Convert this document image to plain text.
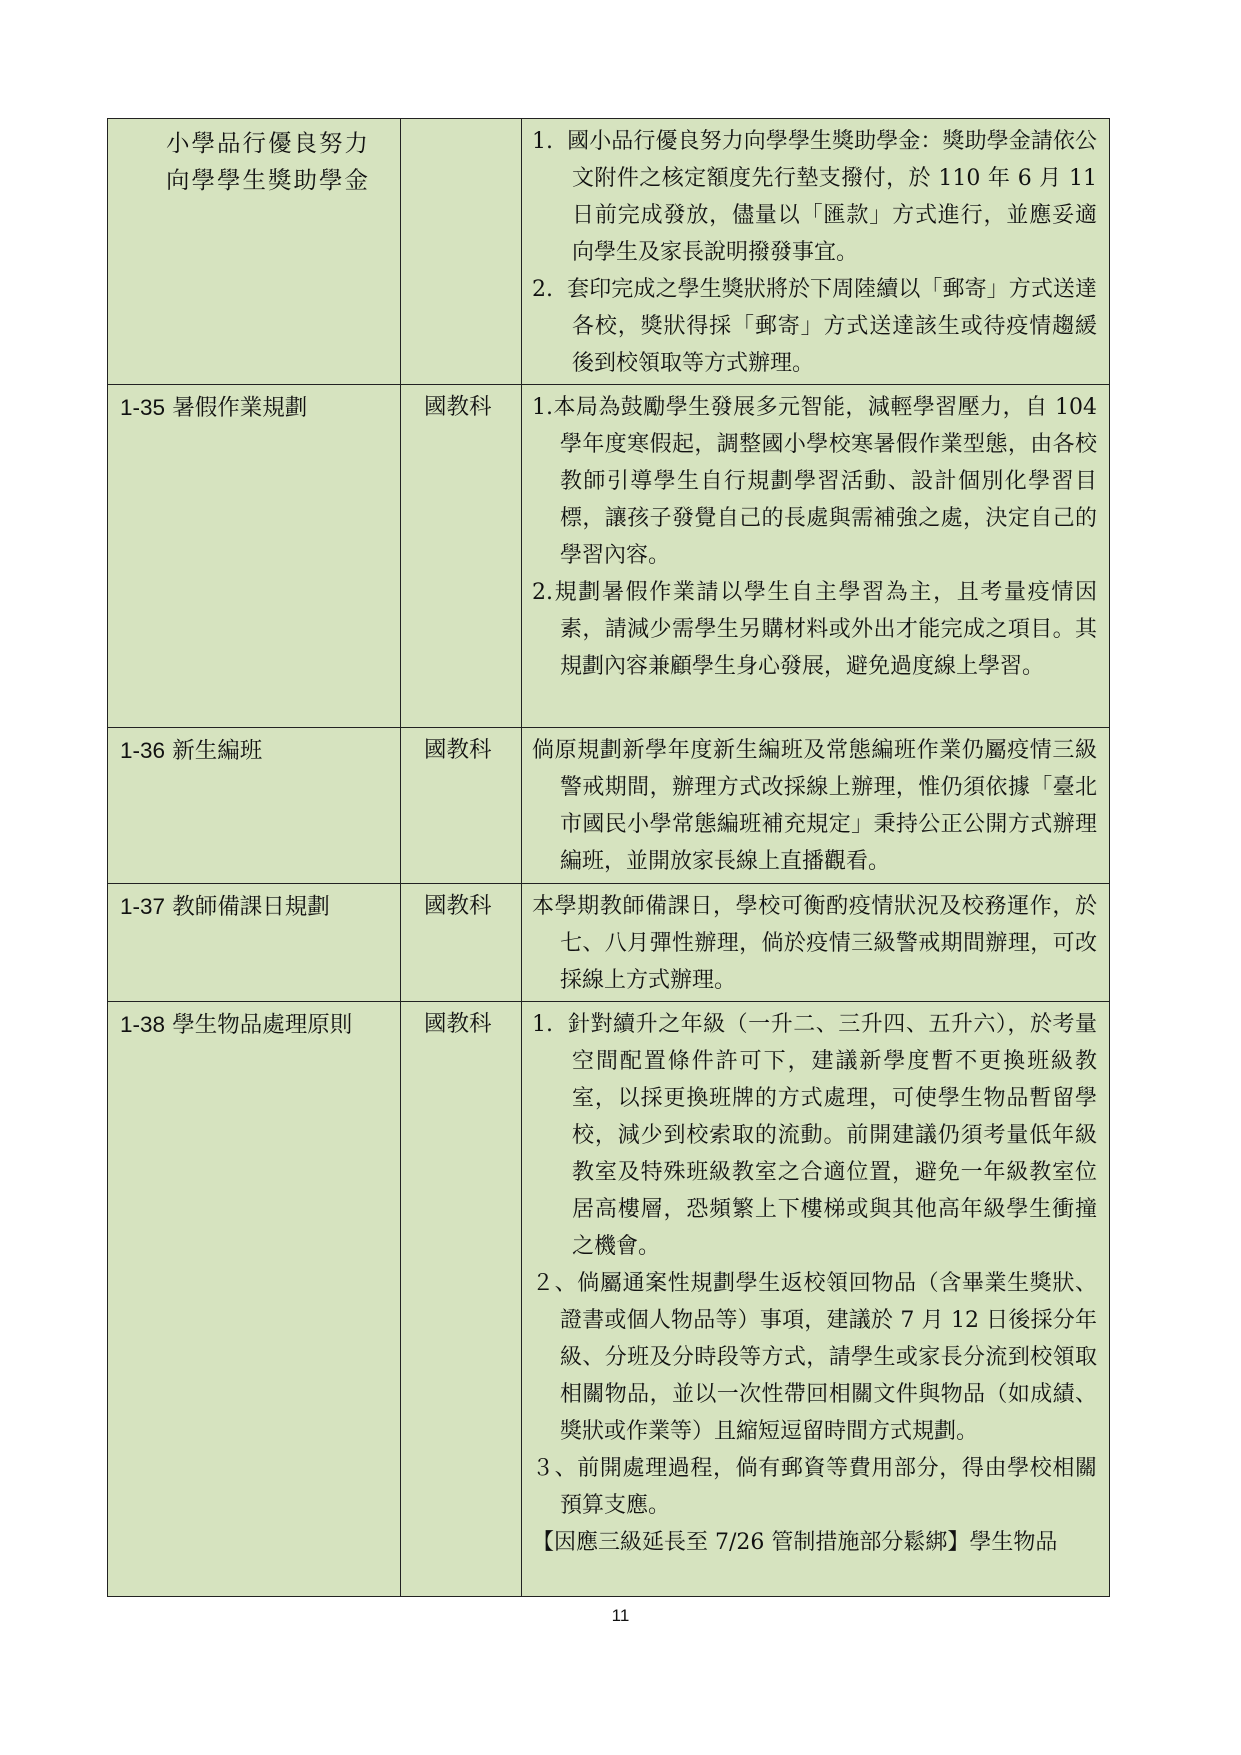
小學品行優良努力向學學生獎助學金		1.  國小品行優良努力向學學生獎助學金：獎助學金請依公文附件之核定額度先行墊支撥付，於 110 年 6 月 11 日前完成發放，儘量以「匯款」方式進行，並應妥適向學生及家長說明撥發事宜。
2.  套印完成之學生獎狀將於下周陸續以「郵寄」方式送達各校，獎狀得採「郵寄」方式送達該生或待疫情趨緩後到校領取等方式辦理。

1-35 暑假作業規劃	國教科	1.本局為鼓勵學生發展多元智能，減輕學習壓力，自 104 學年度寒假起，調整國小學校寒暑假作業型態，由各校教師引導學生自行規劃學習活動、設計個別化學習目標，讓孩子發覺自己的長處與需補強之處，決定自己的學習內容。
2.規劃暑假作業請以學生自主學習為主，且考量疫情因素，請減少需學生另購材料或外出才能完成之項目。其規劃內容兼顧學生身心發展，避免過度線上學習。

1-36 新生編班	國教科	倘原規劃新學年度新生編班及常態編班作業仍屬疫情三級警戒期間，辦理方式改採線上辦理，惟仍須依據「臺北市國民小學常態編班補充規定」秉持公正公開方式辦理編班，並開放家長線上直播觀看。

1-37 教師備課日規劃	國教科	本學期教師備課日，學校可衡酌疫情狀況及校務運作，於七、八月彈性辦理，倘於疫情三級警戒期間辦理，可改採線上方式辦理。

1-38 學生物品處理原則	國教科	1.  針對續升之年級（一升二、三升四、五升六），於考量空間配置條件許可下，建議新學度暫不更換班級教室，以採更換班牌的方式處理，可使學生物品暫留學校，減少到校索取的流動。前開建議仍須考量低年級教室及特殊班級教室之合適位置，避免一年級教室位居高樓層，恐頻繁上下樓梯或與其他高年級學生衝撞之機會。
２、倘屬通案性規劃學生返校領回物品（含畢業生獎狀、證書或個人物品等）事項，建議於 7 月 12 日後採分年級、分班及分時段等方式，請學生或家長分流到校領取相關物品，並以一次性帶回相關文件與物品（如成績、獎狀或作業等）且縮短逗留時間方式規劃。
３、前開處理過程，倘有郵資等費用部分，得由學校相關預算支應。
【因應三級延長至 7/26 管制措施部分鬆綁】學生物品
11
